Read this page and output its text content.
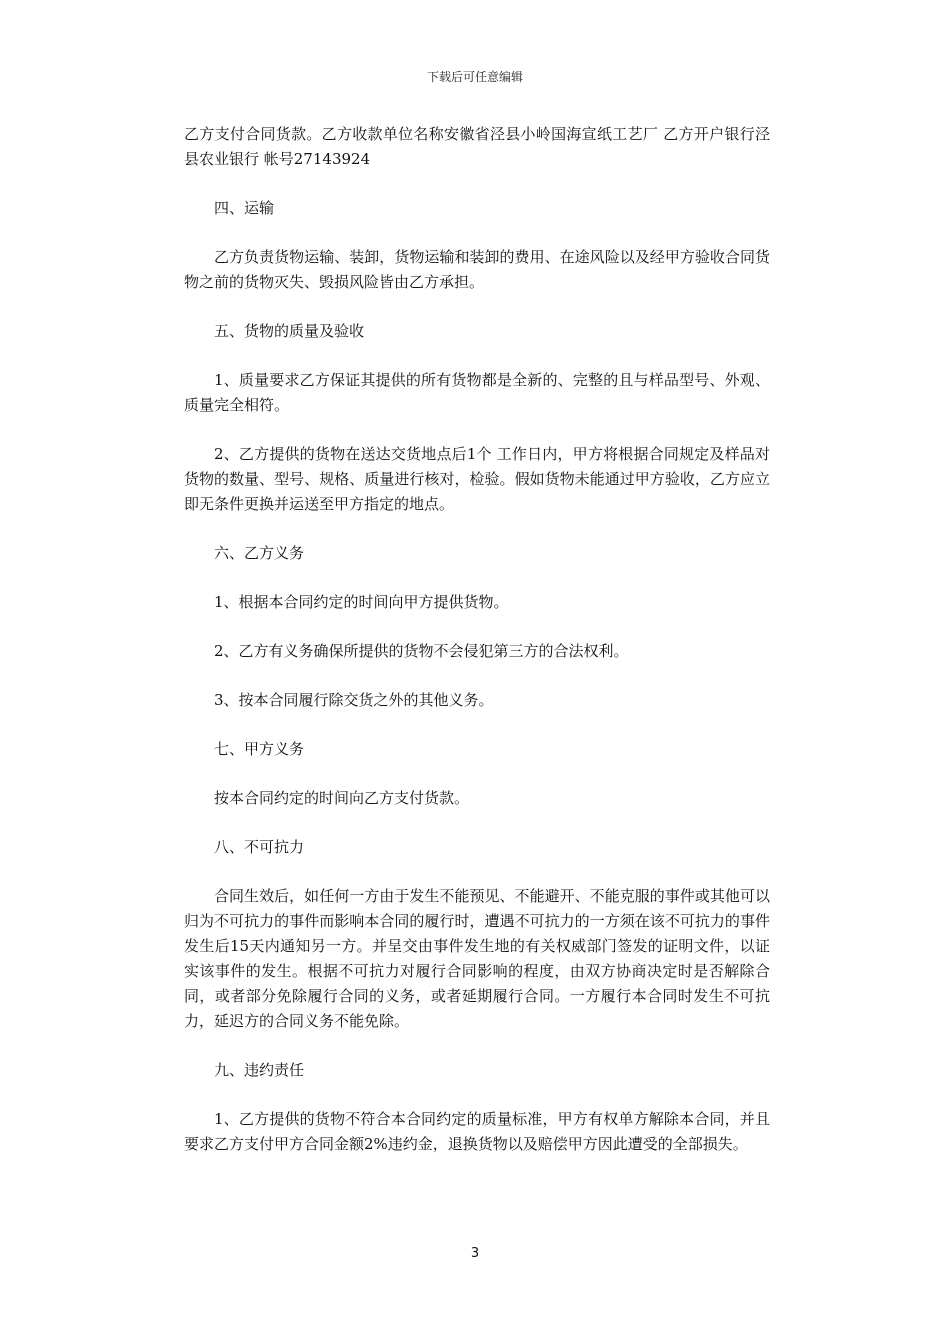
下载后可任意编辑

乙方支付合同货款。乙方收款单位名称安徽省泾县小岭国海宣纸工艺厂 乙方开户银行泾县农业银行 帐号27143924

四、运输

乙方负责货物运输、装卸，货物运输和装卸的费用、在途风险以及经甲方验收合同货物之前的货物灭失、毁损风险皆由乙方承担。

五、货物的质量及验收

1、质量要求乙方保证其提供的所有货物都是全新的、完整的且与样品型号、外观、质量完全相符。

2、乙方提供的货物在送达交货地点后1个 工作日内，甲方将根据合同规定及样品对货物的数量、型号、规格、质量进行核对，检验。假如货物未能通过甲方验收，乙方应立即无条件更换并运送至甲方指定的地点。

六、乙方义务

1、根据本合同约定的时间向甲方提供货物。

2、乙方有义务确保所提供的货物不会侵犯第三方的合法权利。

3、按本合同履行除交货之外的其他义务。

七、甲方义务

按本合同约定的时间向乙方支付货款。

八、不可抗力

合同生效后，如任何一方由于发生不能预见、不能避开、不能克服的事件或其他可以归为不可抗力的事件而影响本合同的履行时，遭遇不可抗力的一方须在该不可抗力的事件发生后15天内通知另一方。并呈交由事件发生地的有关权威部门签发的证明文件，以证实该事件的发生。根据不可抗力对履行合同影响的程度，由双方协商决定时是否解除合同，或者部分免除履行合同的义务，或者延期履行合同。一方履行本合同时发生不可抗力，延迟方的合同义务不能免除。

九、违约责任

1、乙方提供的货物不符合本合同约定的质量标准，甲方有权单方解除本合同，并且要求乙方支付甲方合同金额2%违约金，退换货物以及赔偿甲方因此遭受的全部损失。

3
